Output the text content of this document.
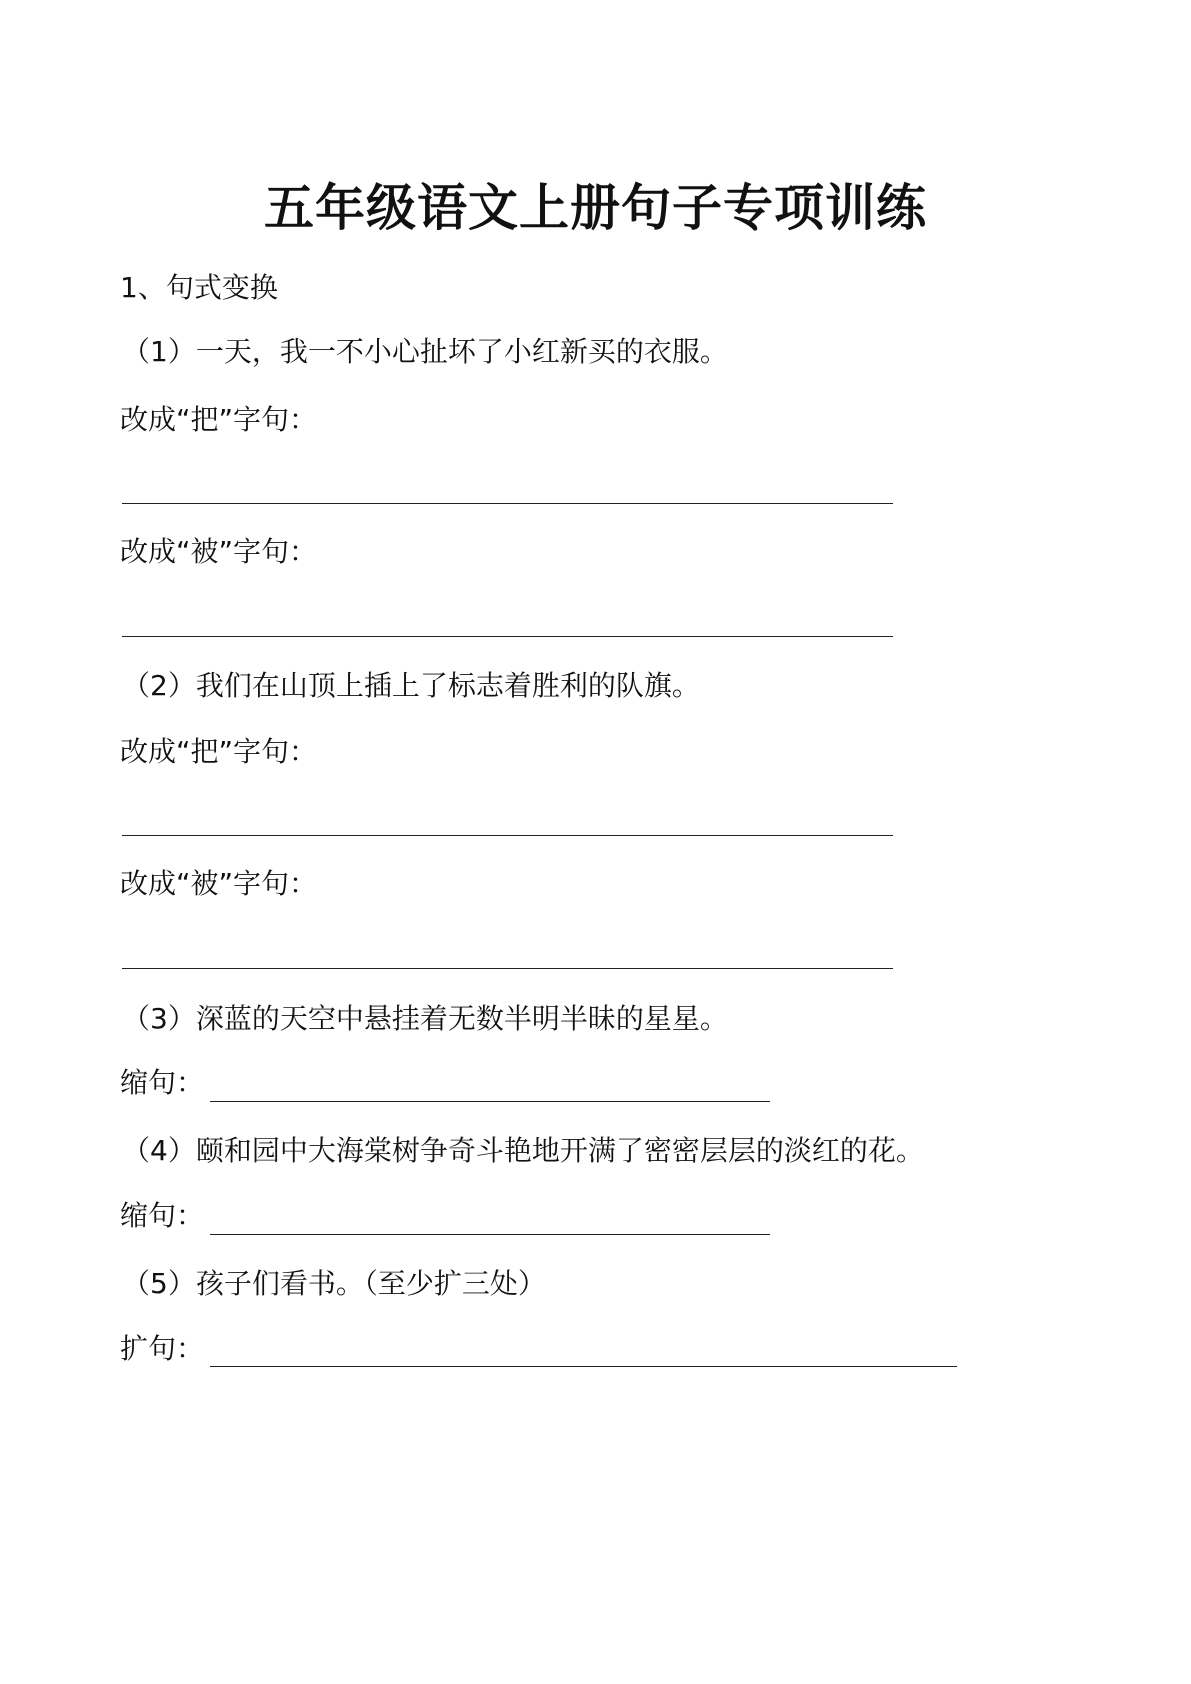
五年级语文上册句子专项训练
1、句式变换
（1）一天，我一不小心扯坏了小红新买的衣服。
改成“把”字句：
改成“被”字句：
（2）我们在山顶上插上了标志着胜利的队旗。
改成“把”字句：
改成“被”字句：
（3）深蓝的天空中悬挂着无数半明半昧的星星。
缩句：
（4）颐和园中大海棠树争奇斗艳地开满了密密层层的淡红的花。
缩句：
（5）孩子们看书。（至少扩三处）
扩句：
